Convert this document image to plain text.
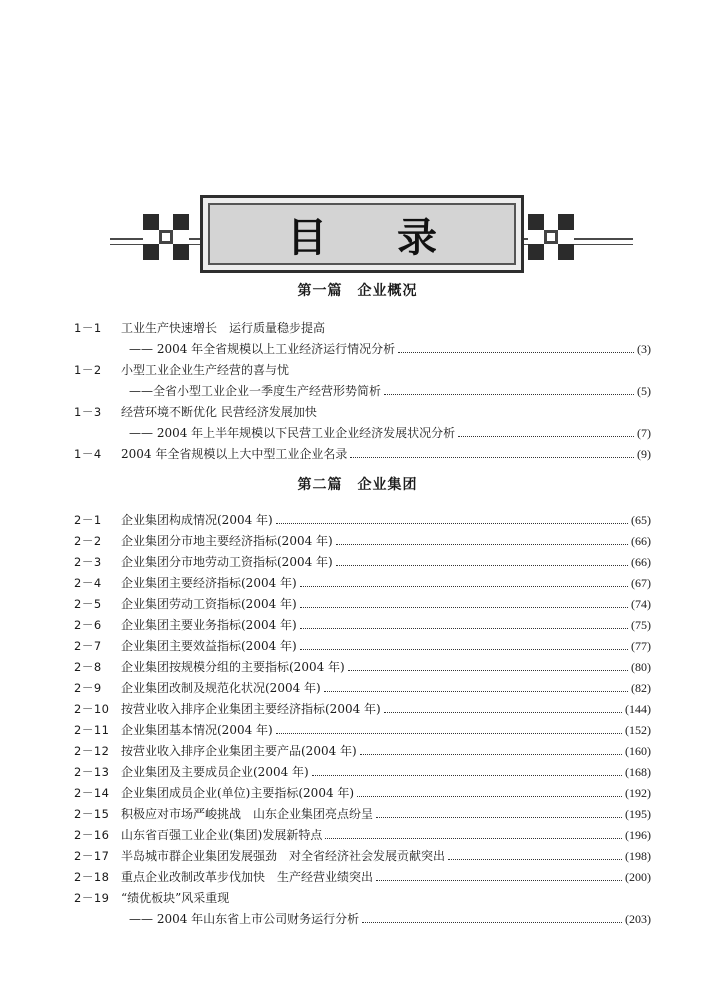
目 录
第一篇　企业概况
1－1 工业生产快速增长　运行质量稳步提高
—— 2004 年全省规模以上工业经济运行情况分析	(3)
1－2 小型工业企业生产经营的喜与忧
——全省小型工业企业一季度生产经营形势简析	(5)
1－3 经营环境不断优化 民营经济发展加快
—— 2004 年上半年规模以下民营工业企业经济发展状况分析	(7)
1－4 2004 年全省规模以上大中型工业企业名录	(9)
第二篇　企业集团
2－1 企业集团构成情况(2004 年)	(65)
2－2 企业集团分市地主要经济指标(2004 年)	(66)
2－3 企业集团分市地劳动工资指标(2004 年)	(66)
2－4 企业集团主要经济指标(2004 年)	(67)
2－5 企业集团劳动工资指标(2004 年)	(74)
2－6 企业集团主要业务指标(2004 年)	(75)
2－7 企业集团主要效益指标(2004 年)	(77)
2－8 企业集团按规模分组的主要指标(2004 年)	(80)
2－9 企业集团改制及规范化状况(2004 年)	(82)
2－10 按营业收入排序企业集团主要经济指标(2004 年)	(144)
2－11 企业集团基本情况(2004 年)	(152)
2－12 按营业收入排序企业集团主要产品(2004 年)	(160)
2－13 企业集团及主要成员企业(2004 年)	(168)
2－14 企业集团成员企业(单位)主要指标(2004 年)	(192)
2－15 积极应对市场严峻挑战　山东企业集团亮点纷呈	(195)
2－16 山东省百强工业企业(集团)发展新特点	(196)
2－17 半岛城市群企业集团发展强劲　对全省经济社会发展贡献突出	(198)
2－18 重点企业改制改革步伐加快　生产经营业绩突出	(200)
2－19 “绩优板块”风采重现
—— 2004 年山东省上市公司财务运行分析	(203)
